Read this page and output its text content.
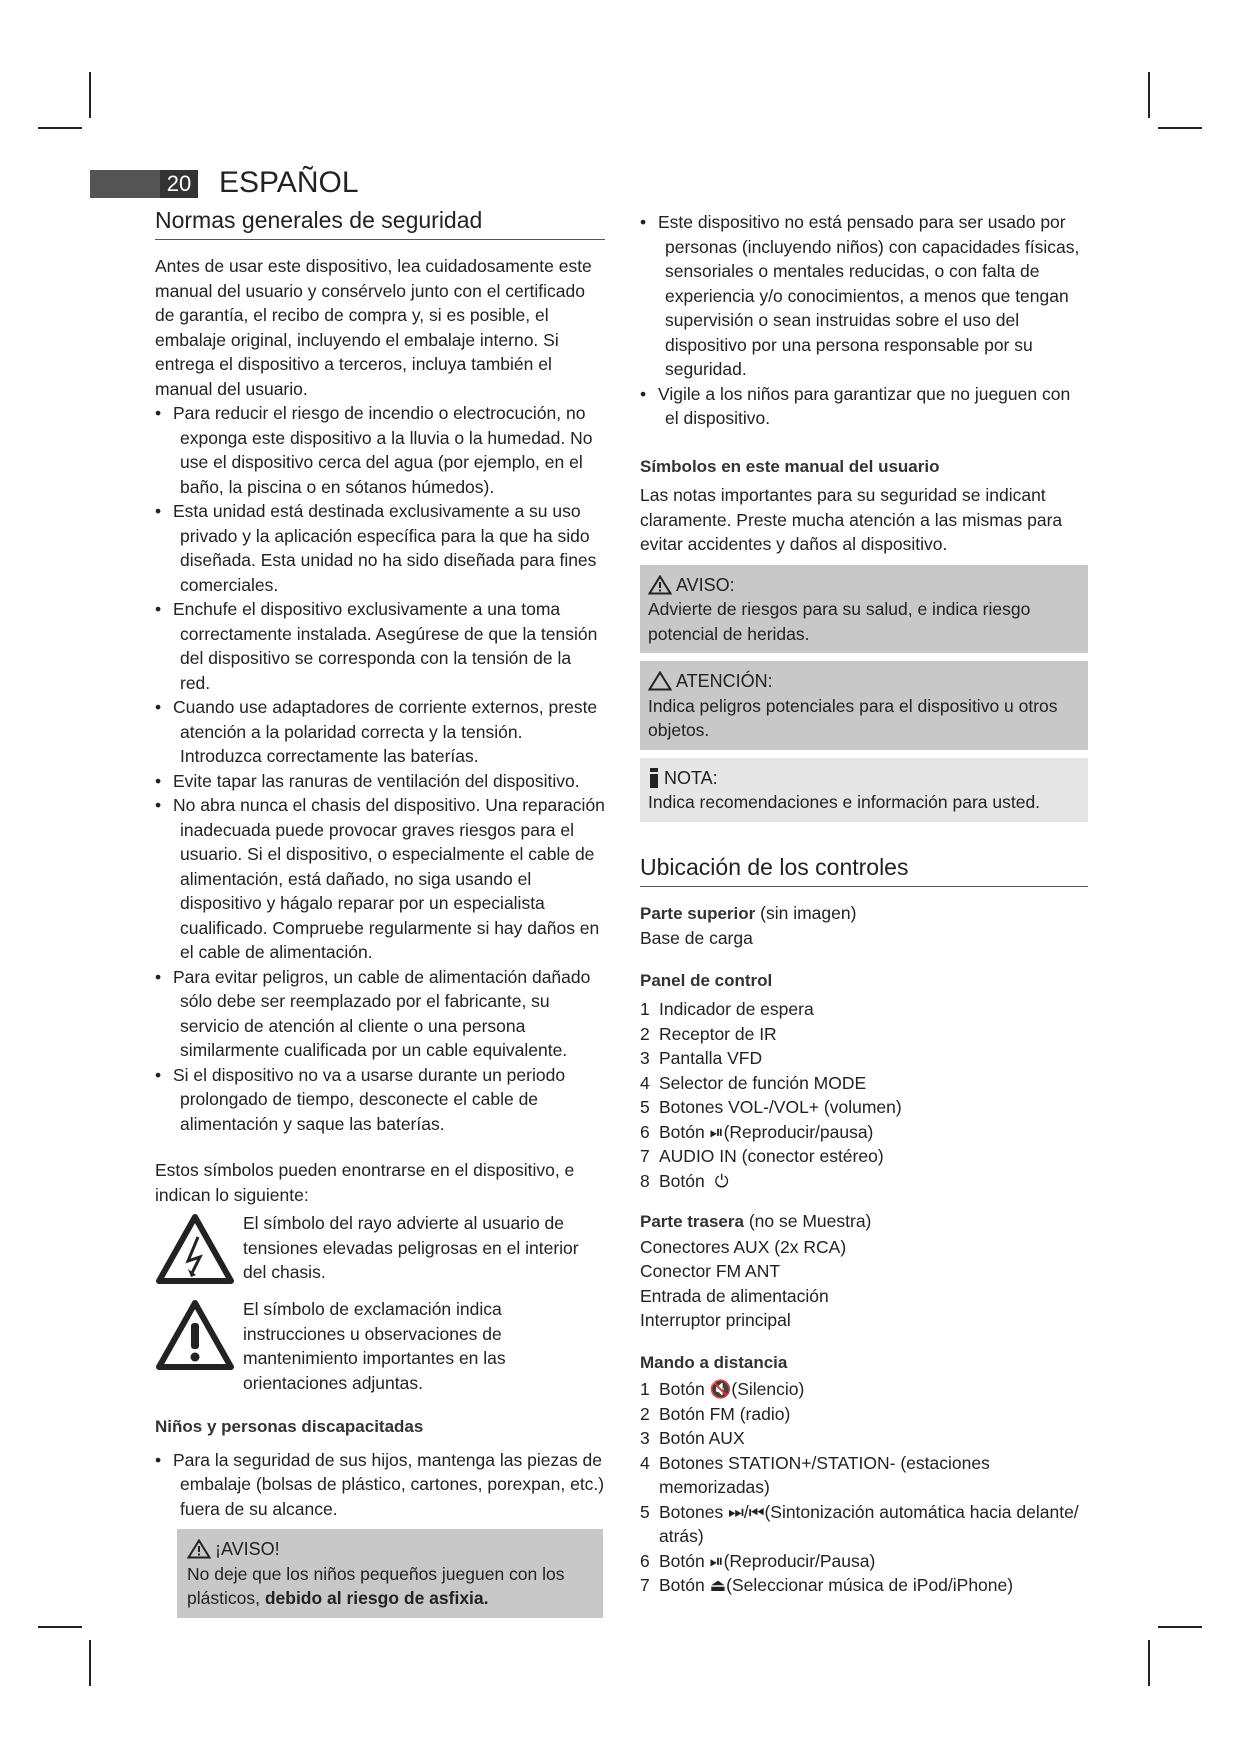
20 ESPAÑOL
Normas generales de seguridad

Antes de usar este dispositivo, lea cuidadosamente este manual del usuario y consérvelo junto con el certificado de garantía, el recibo de compra y, si es posible, el embalaje original, incluyendo el embalaje interno. Si entrega el dispositivo a terceros, incluya también el manual del usuario.

• Para reducir el riesgo de incendio o electrocución, no exponga este dispositivo a la lluvia o la humedad. No use el dispositivo cerca del agua (por ejemplo, en el baño, la piscina o en sótanos húmedos).
• Esta unidad está destinada exclusivamente a su uso privado y la aplicación específica para la que ha sido diseñada. Esta unidad no ha sido diseñada para fines comerciales.
• Enchufe el dispositivo exclusivamente a una toma correctamente instalada. Asegúrese de que la tensión del dispositivo se corresponda con la tensión de la red.
• Cuando use adaptadores de corriente externos, preste atención a la polaridad correcta y la tensión. Introduzca correctamente las baterías.
• Evite tapar las ranuras de ventilación del dispositivo.
• No abra nunca el chasis del dispositivo. Una reparación inadecuada puede provocar graves riesgos para el usuario. Si el dispositivo, o especialmente el cable de alimentación, está dañado, no siga usando el dispositivo y hágalo reparar por un especialista cualificado. Compruebe regularmente si hay daños en el cable de alimentación.
• Para evitar peligros, un cable de alimentación dañado sólo debe ser reemplazado por el fabricante, su servicio de atención al cliente o una persona similarmente cualificada por un cable equivalente.
• Si el dispositivo no va a usarse durante un periodo prolongado de tiempo, desconecte el cable de alimentación y saque las baterías.

Estos símbolos pueden enontrarse en el dispositivo, e indican lo siguiente:

El símbolo del rayo advierte al usuario de tensiones elevadas peligrosas en el interior del chasis.

El símbolo de exclamación indica instrucciones u observaciones de mantenimiento importantes en las orientaciones adjuntas.

Niños y personas discapacitadas

• Para la seguridad de sus hijos, mantenga las piezas de embalaje (bolsas de plástico, cartones, porexpan, etc.) fuera de su alcance.
¡AVISO!

No deje que los niños pequeños jueguen con los plásticos, debido al riesgo de asfixia.

• Este dispositivo no está pensado para ser usado por personas (incluyendo niños) con capacidades físicas, sensoriales o mentales reducidas, o con falta de experiencia y/o conocimientos, a menos que tengan supervisión o sean instruidas sobre el uso del dispositivo por una persona responsable por su seguridad.
• Vigile a los niños para garantizar que no jueguen con el dispositivo.

Símbolos en este manual del usuario

Las notas importantes para su seguridad se indicant claramente. Preste mucha atención a las mismas para evitar accidentes y daños al dispositivo.

AVISO:

Advierte de riesgos para su salud, e indica riesgo potencial de heridas.

ATENCIÓN:

Indica peligros potenciales para el dispositivo u otros objetos.

NOTA:

Indica recomendaciones e información para usted.

Ubicación de los controles

Parte superior (sin imagen)

Base de carga

Panel de control

1 Indicador de espera
2 Receptor de IR
3 Pantalla VFD
4 Selector de función MODE
5 Botones VOL-/VOL+ (volumen)
6 Botón ⏯(Reproducir/pausa)
7 AUDIO IN (conector estéreo)
8 Botón ⏻

Parte trasera (no se Muestra)

Conectores AUX (2x RCA)

Conector FM ANT

Entrada de alimentación

Interruptor principal

Mando a distancia

1 Botón 🔇(Silencio)
2 Botón FM (radio)
3 Botón AUX
4 Botones STATION+/STATION- (estaciones memorizadas)
5 Botones ⏭/⏮(Sintonización automática hacia delante/ atrás)
6 Botón ⏯(Reproducir/Pausa)
7 Botón ⏏(Seleccionar música de iPod/iPhone)
